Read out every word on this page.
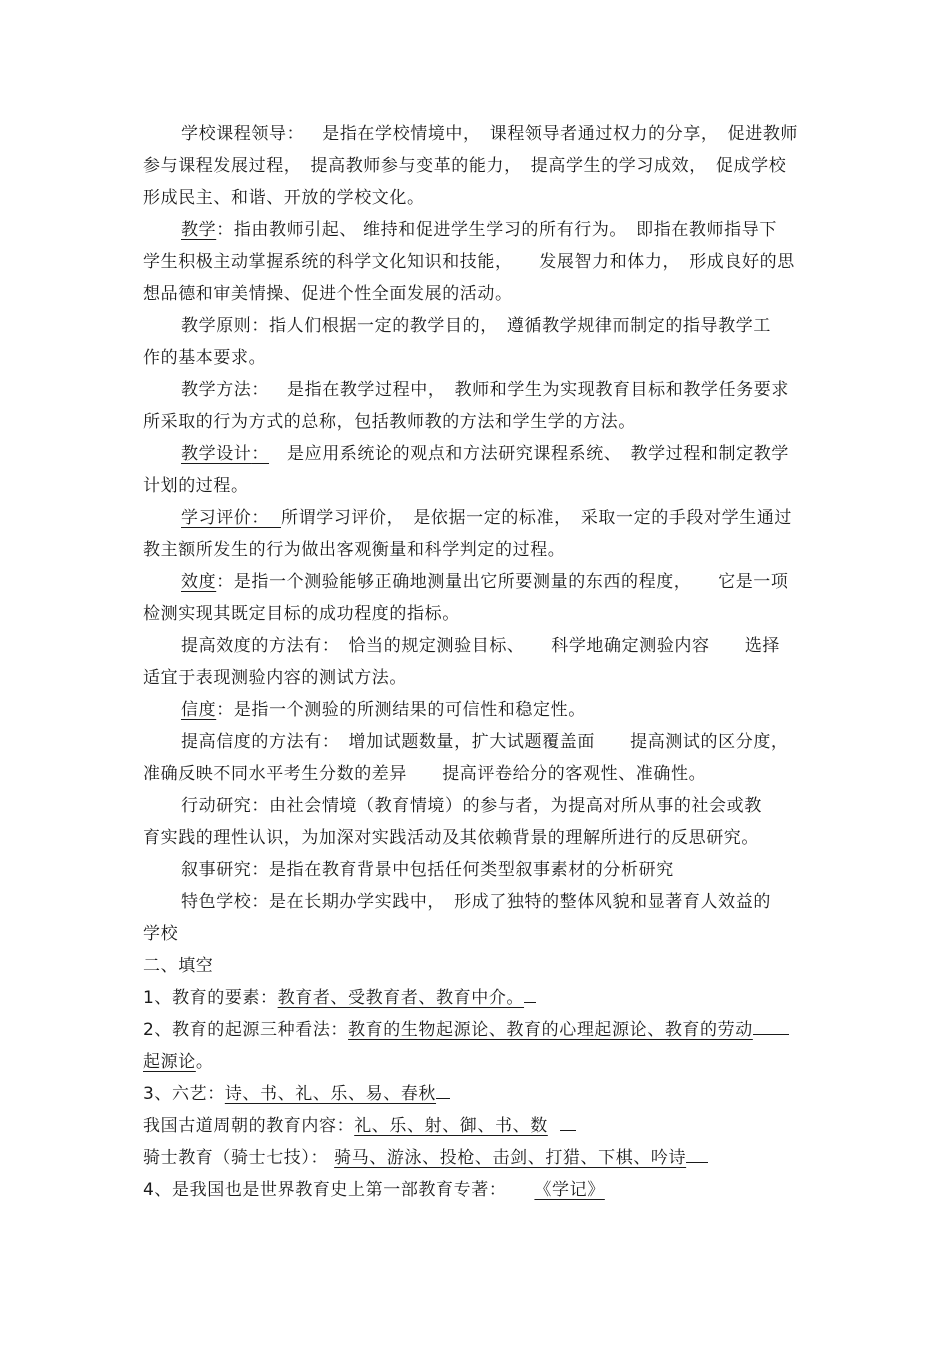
学校课程领导： 是指在学校情境中，　课程领导者通过权力的分享，　促进教师

参与课程发展过程，　提高教师参与变革的能力，　提高学生的学习成效，　促成学校

形成民主、和谐、开放的学校文化。

教学：指由教师引起、 维持和促进学生学习的所有行为。　即指在教师指导下

学生积极主动掌握系统的科学文化知识和技能，　　发展智力和体力，　形成良好的思

想品德和审美情操、促进个性全面发展的活动。

教学原则：指人们根据一定的教学目的，　遵循教学规律而制定的指导教学工

作的基本要求。

教学方法： 是指在教学过程中，　教师和学生为实现教育目标和教学任务要求

所采取的行为方式的总称，包括教师教的方法和学生学的方法。

教学设计： 是应用系统论的观点和方法研究课程系统、　教学过程和制定教学

计划的过程。

学习评价： 所谓学习评价，　是依据一定的标准，　采取一定的手段对学生通过

教主额所发生的行为做出客观衡量和科学判定的过程。

效度：是指一个测验能够正确地测量出它所要测量的东西的程度，　　它是一项

检测实现其既定目标的成功程度的指标。

提高效度的方法有：　恰当的规定测验目标、　　科学地确定测验内容　　选择

适宜于表现测验内容的测试方法。

信度：是指一个测验的所测结果的可信性和稳定性。

提高信度的方法有：　增加试题数量，扩大试题覆盖面　　提高测试的区分度，

准确反映不同水平考生分数的差异　　提高评卷给分的客观性、准确性。

行动研究：由社会情境（教育情境）的参与者，为提高对所从事的社会或教

育实践的理性认识，为加深对实践活动及其依赖背景的理解所进行的反思研究。

叙事研究：是指在教育背景中包括任何类型叙事素材的分析研究

特色学校：是在长期办学实践中，　形成了独特的整体风貌和显著育人效益的

学校

二、填空

1、教育的要素：教育者、受教育者、教育中介。

2、教育的起源三种看法：教育的生物起源论、教育的心理起源论、教育的劳动

起源论。

3、六艺：诗、书、礼、乐、易、春秋

我国古道周朝的教育内容：礼、乐、射、御、书、数

骑士教育（骑士七技）： 骑马、游泳、投枪、击剑、打猎、下棋、吟诗

4、是我国也是世界教育史上第一部教育专著： 《学记》
